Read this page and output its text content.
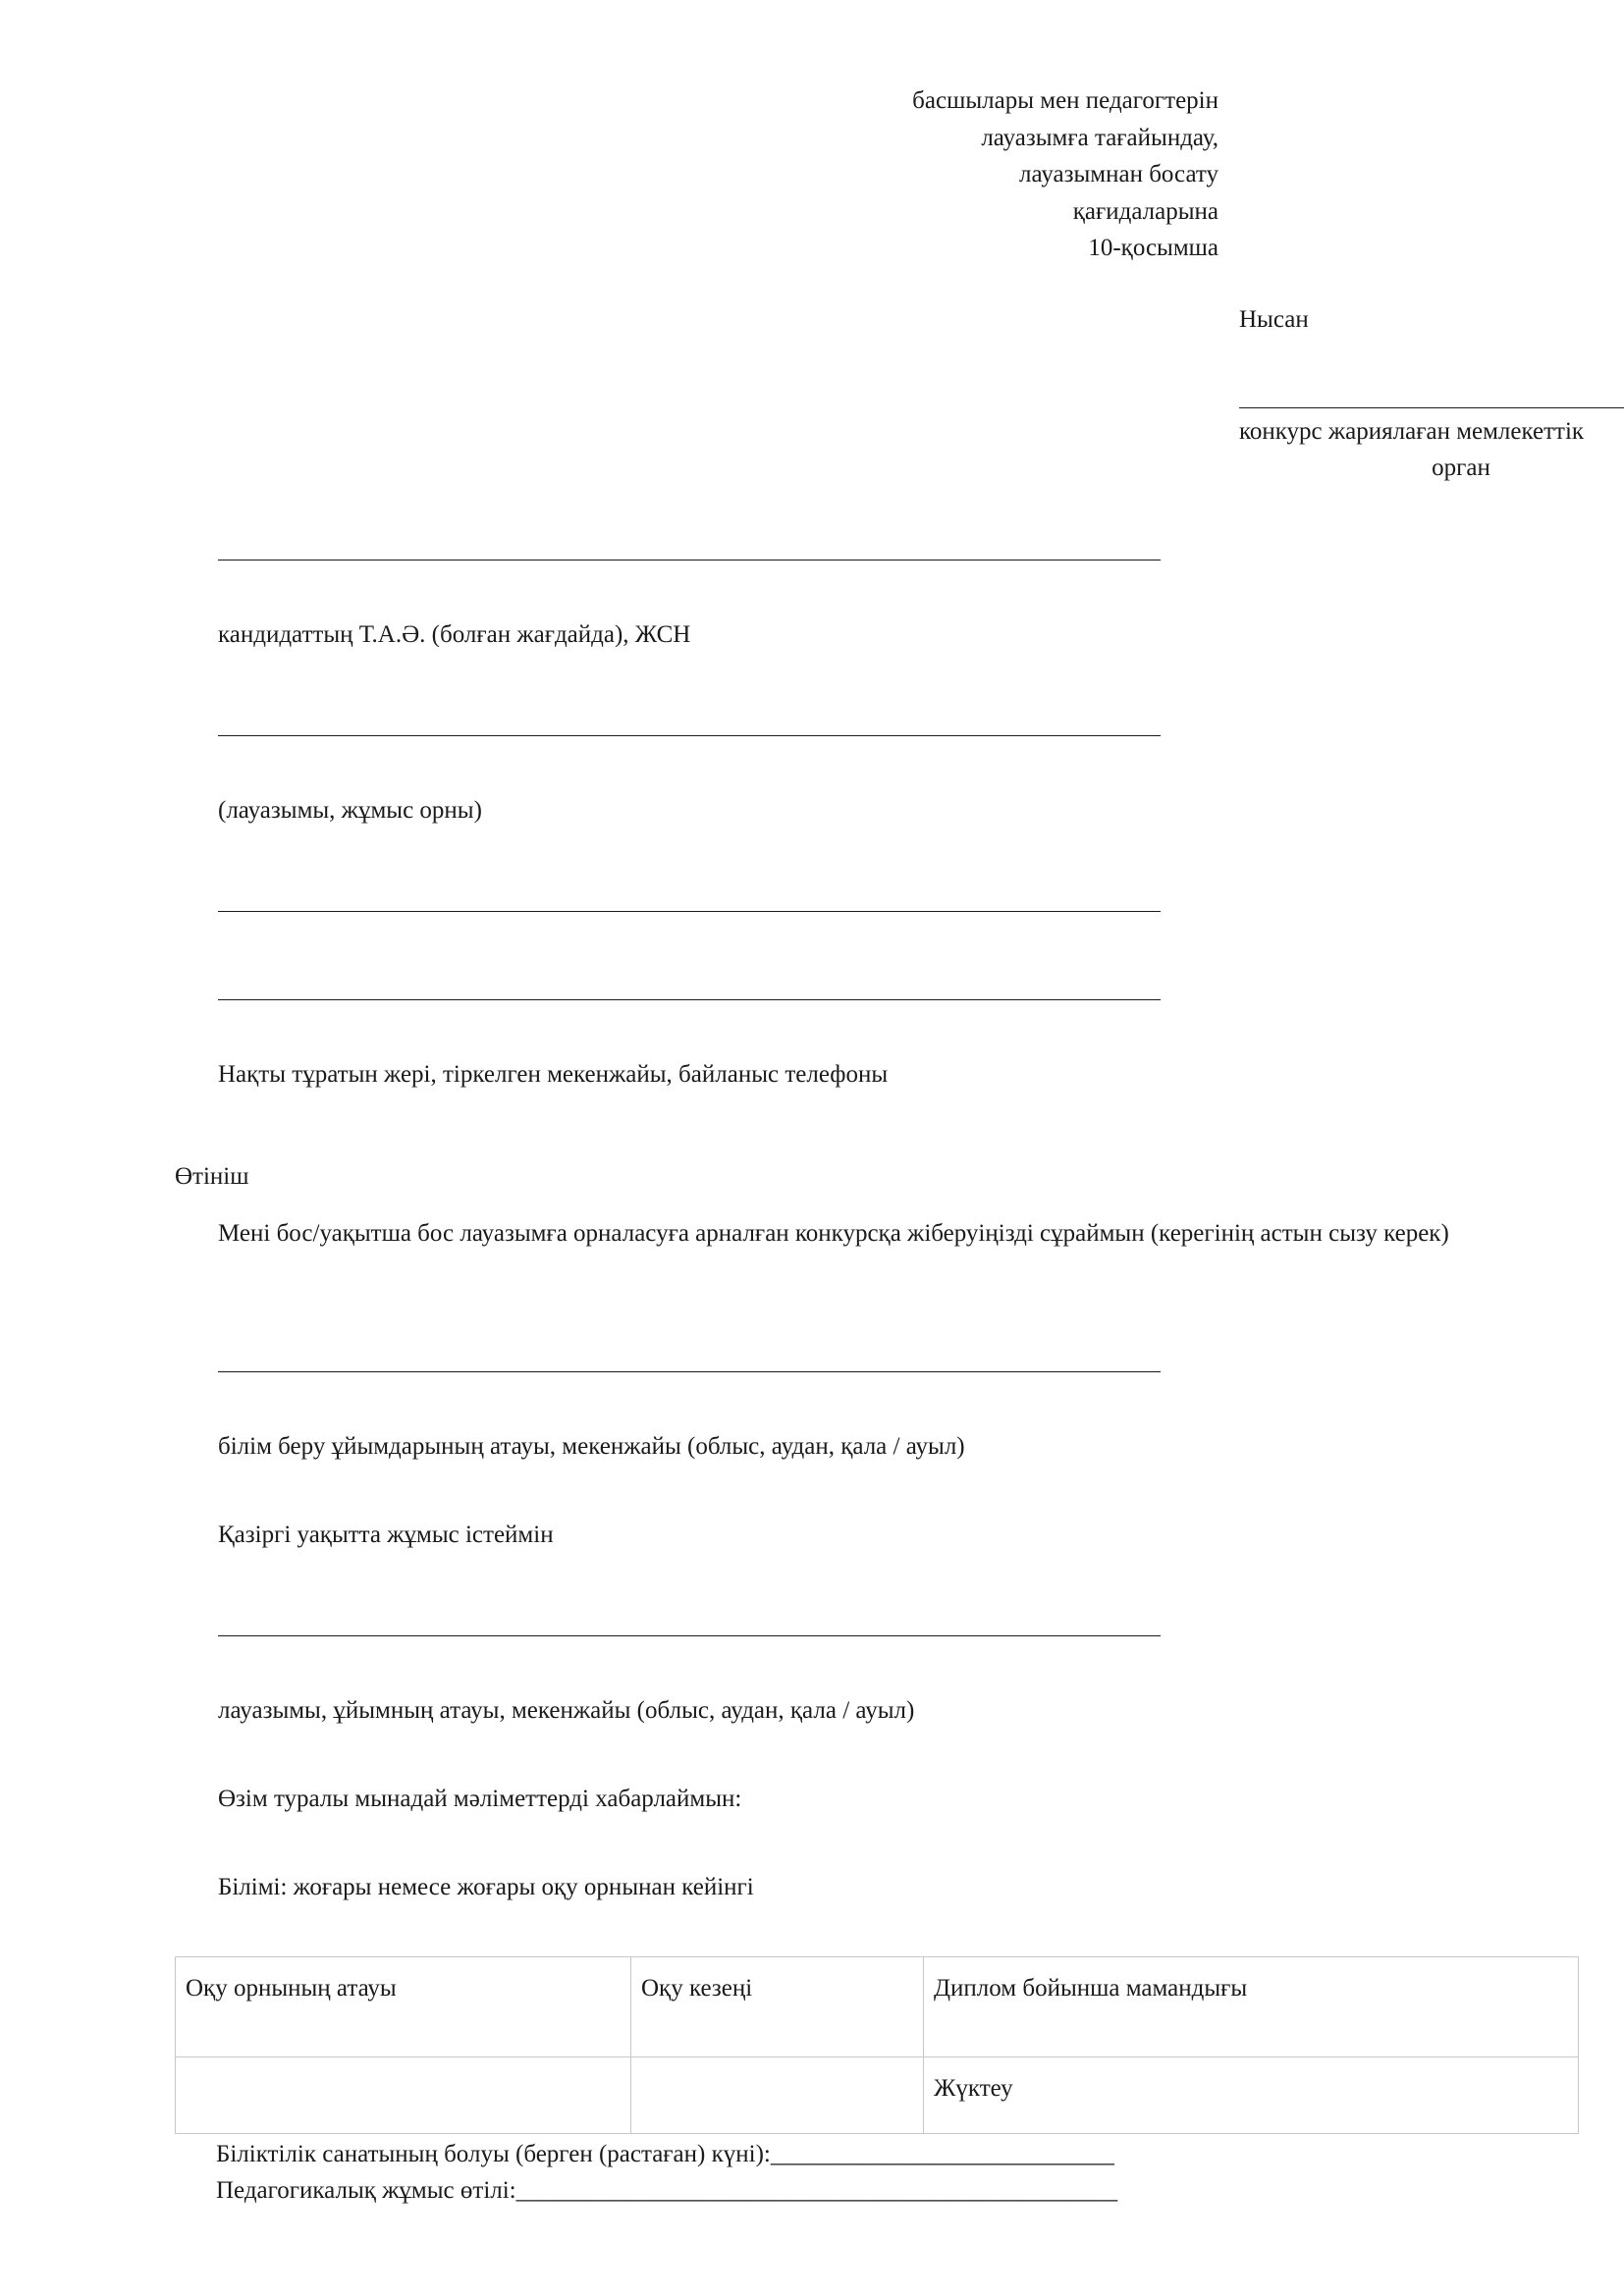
басшылары мен педагогтерін
лауазымға тағайындау,
лауазымнан босату
қағидаларына
10-қосымша
Нысан
конкурс жариялаған мемлекеттік
орган
кандидаттың Т.А.Ә. (болған жағдайда), ЖСН
(лауазымы, жұмыс орны)
Нақты тұратын жері, тіркелген мекенжайы, байланыс телефоны
Өтініш
Мені бос/уақытша бос лауазымға орналасуға арналған конкурсқа жіберуіңізді сұраймын (керегінің астын сызу керек)
білім беру ұйымдарының атауы, мекенжайы (облыс, аудан, қала / ауыл)
Қазіргі уақытта жұмыс істеймін
лауазымы, ұйымның атауы, мекенжайы (облыс, аудан, қала / ауыл)
Өзім туралы мынадай мәліметтерді хабарлаймын:
Білімі: жоғары немесе жоғары оқу орнынан кейінгі
Оқу орнының атауы	Оқу кезеңі	Диплом бойынша мамандығы
		Жүктеу
Біліктілік санатының болуы (берген (растаған) күні):____________________________
Педагогикалық жұмыс өтілі:_________________________________________________
